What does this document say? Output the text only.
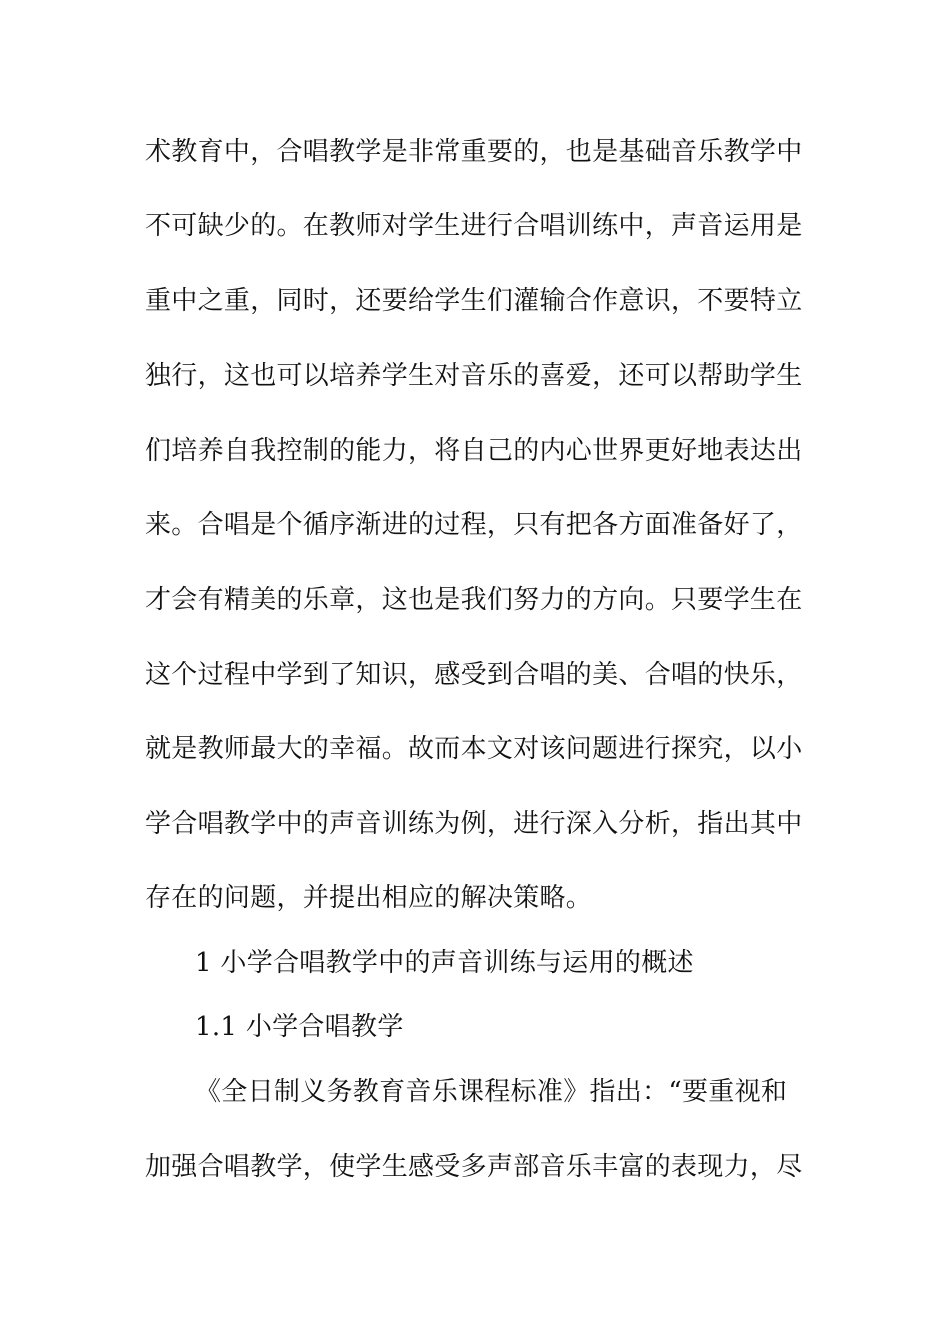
术教育中，合唱教学是非常重要的，也是基础音乐教学中
不可缺少的。在教师对学生进行合唱训练中，声音运用是
重中之重，同时，还要给学生们灌输合作意识，不要特立
独行，这也可以培养学生对音乐的喜爱，还可以帮助学生
们培养自我控制的能力，将自己的内心世界更好地表达出
来。合唱是个循序渐进的过程，只有把各方面准备好了，
才会有精美的乐章，这也是我们努力的方向。只要学生在
这个过程中学到了知识，感受到合唱的美、合唱的快乐，
就是教师最大的幸福。故而本文对该问题进行探究，以小
学合唱教学中的声音训练为例，进行深入分析，指出其中
存在的问题，并提出相应的解决策略。
1 小学合唱教学中的声音训练与运用的概述
1.1 小学合唱教学
《全日制义务教育音乐课程标准》指出：“要重视和
加强合唱教学，使学生感受多声部音乐丰富的表现力，尽
